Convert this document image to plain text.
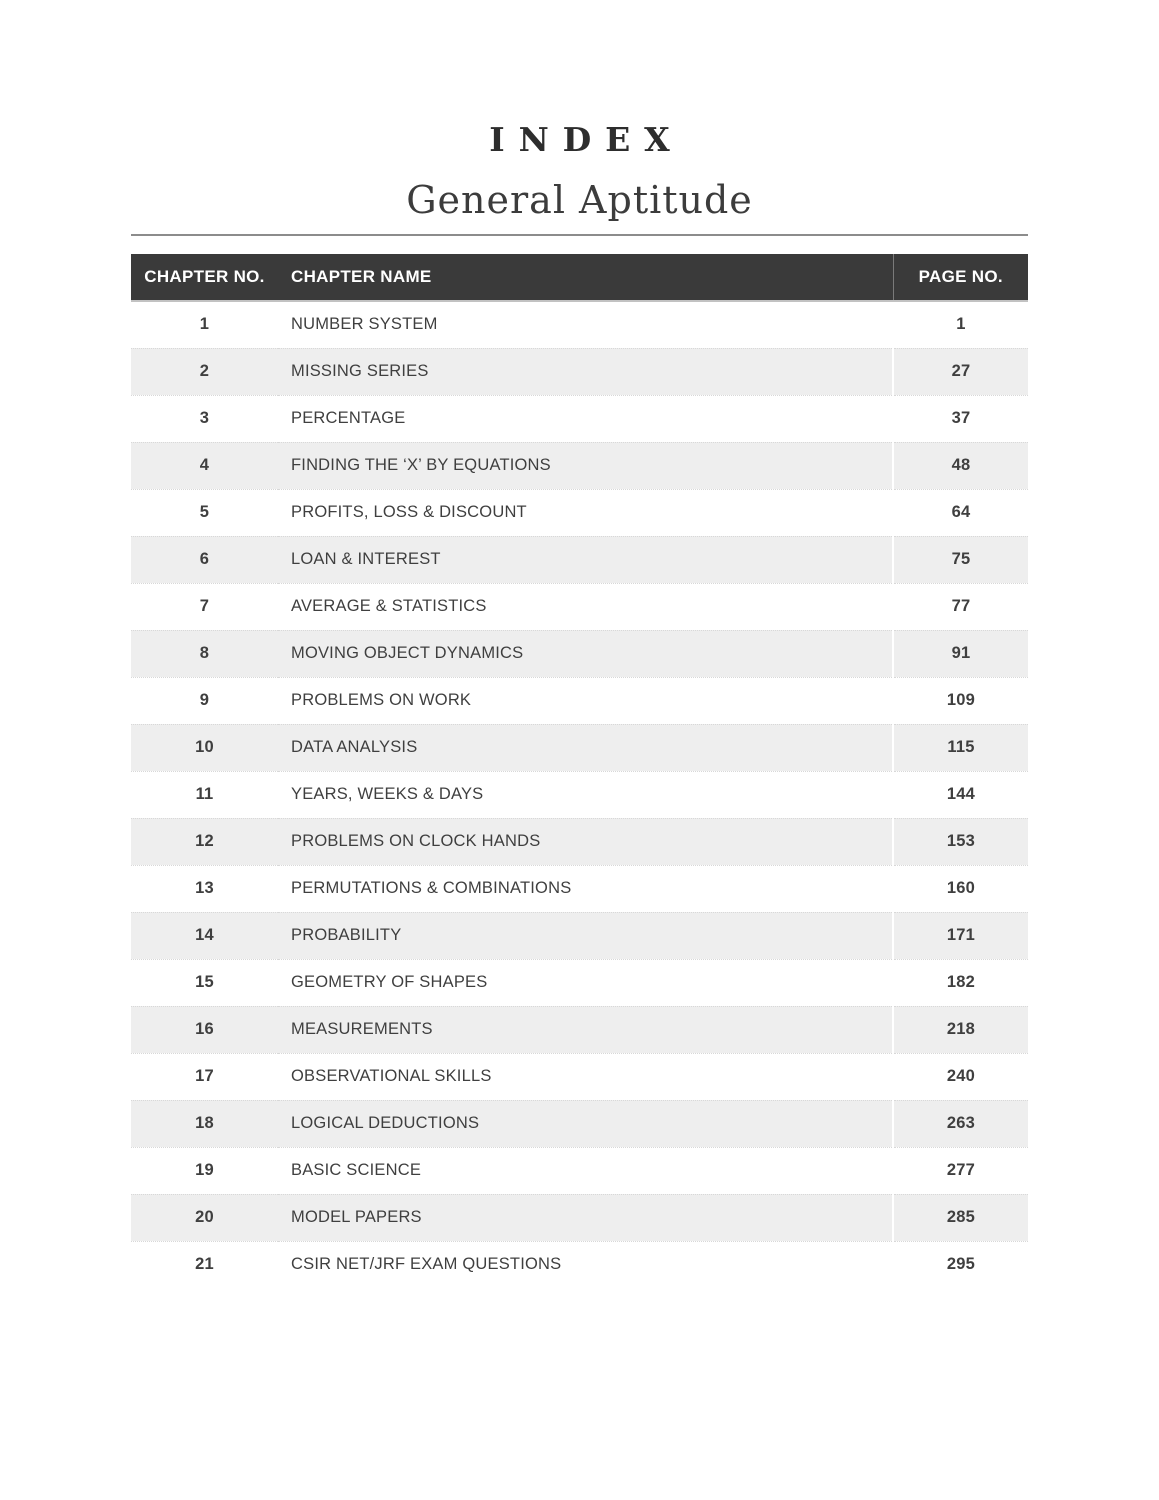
INDEX
General Aptitude
CHAPTER NO.	CHAPTER NAME	PAGE NO.
1	NUMBER SYSTEM	1
2	MISSING SERIES	27
3	PERCENTAGE	37
4	FINDING THE ‘X’ BY EQUATIONS	48
5	PROFITS, LOSS & DISCOUNT	64
6	LOAN & INTEREST	75
7	AVERAGE & STATISTICS	77
8	MOVING OBJECT DYNAMICS	91
9	PROBLEMS ON WORK	109
10	DATA ANALYSIS	115
11	YEARS, WEEKS & DAYS	144
12	PROBLEMS ON CLOCK HANDS	153
13	PERMUTATIONS & COMBINATIONS	160
14	PROBABILITY	171
15	GEOMETRY OF SHAPES	182
16	MEASUREMENTS	218
17	OBSERVATIONAL SKILLS	240
18	LOGICAL DEDUCTIONS	263
19	BASIC SCIENCE	277
20	MODEL PAPERS	285
21	CSIR NET/JRF EXAM QUESTIONS	295
